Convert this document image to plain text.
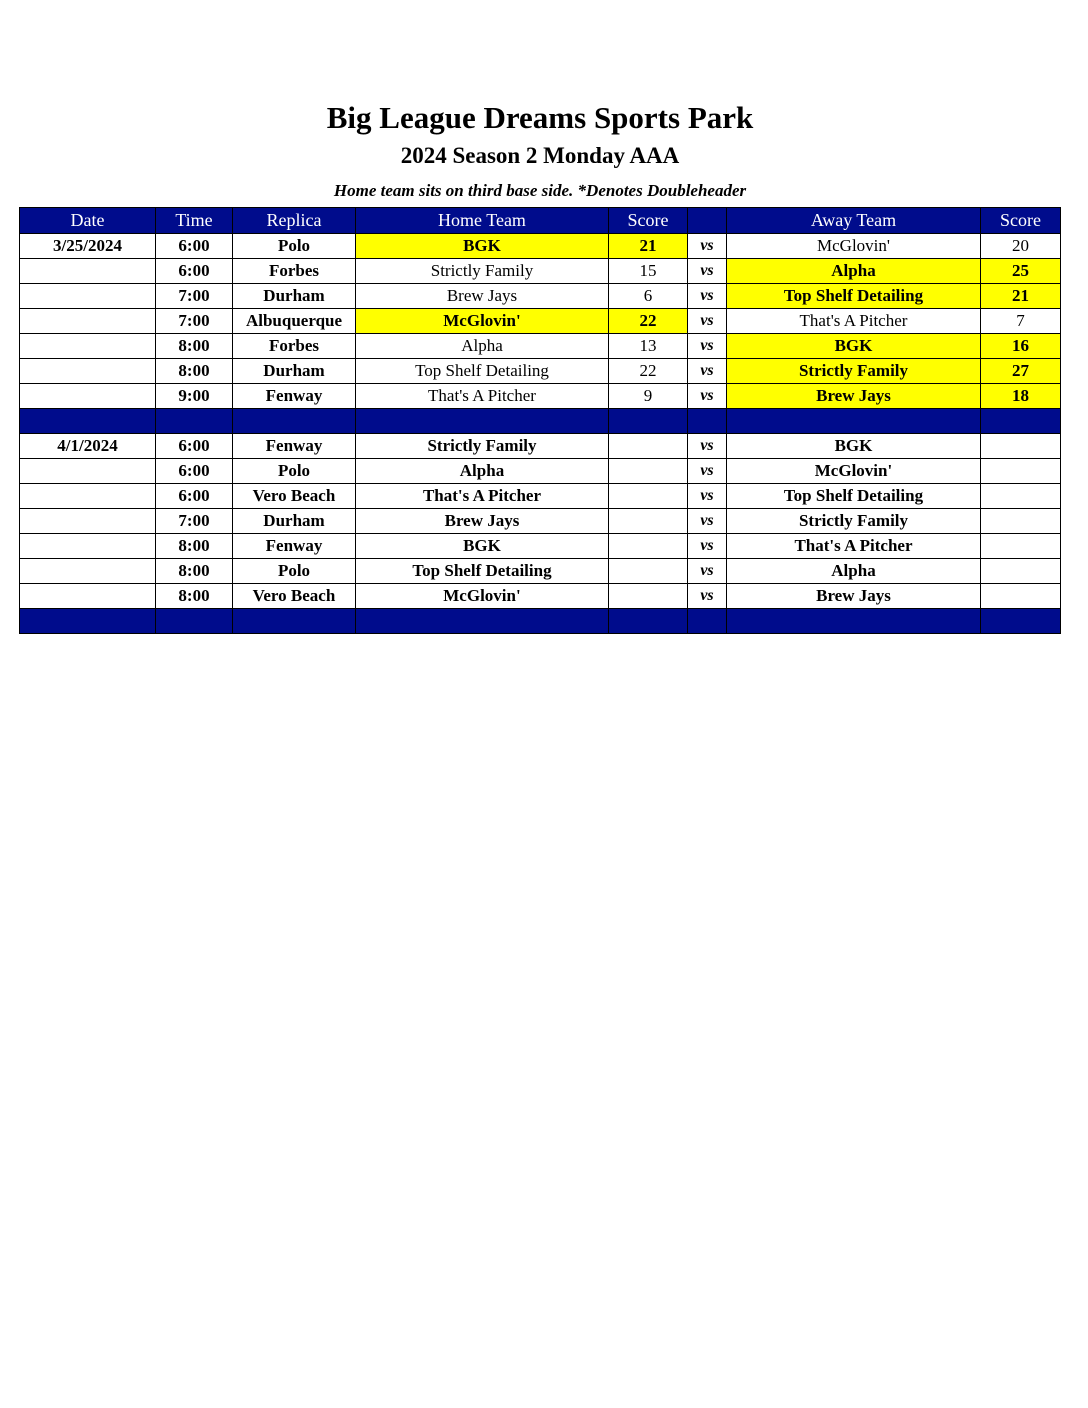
Big League Dreams Sports Park
2024 Season 2 Monday AAA
Home team sits on third base side. *Denotes Doubleheader
Date	Time	Replica	Home Team	Score		Away Team	Score
3/25/2024	6:00	Polo	BGK	21	vs	McGlovin'	20
	6:00	Forbes	Strictly Family	15	vs	Alpha	25
	7:00	Durham	Brew Jays	6	vs	Top Shelf Detailing	21
	7:00	Albuquerque	McGlovin'	22	vs	That's A Pitcher	7
	8:00	Forbes	Alpha	13	vs	BGK	16
	8:00	Durham	Top Shelf Detailing	22	vs	Strictly Family	27
	9:00	Fenway	That's A Pitcher	9	vs	Brew Jays	18

4/1/2024	6:00	Fenway	Strictly Family		vs	BGK	
	6:00	Polo	Alpha		vs	McGlovin'	
	6:00	Vero Beach	That's A Pitcher		vs	Top Shelf Detailing	
	7:00	Durham	Brew Jays		vs	Strictly Family	
	8:00	Fenway	BGK		vs	That's A Pitcher	
	8:00	Polo	Top Shelf Detailing		vs	Alpha	
	8:00	Vero Beach	McGlovin'		vs	Brew Jays	
